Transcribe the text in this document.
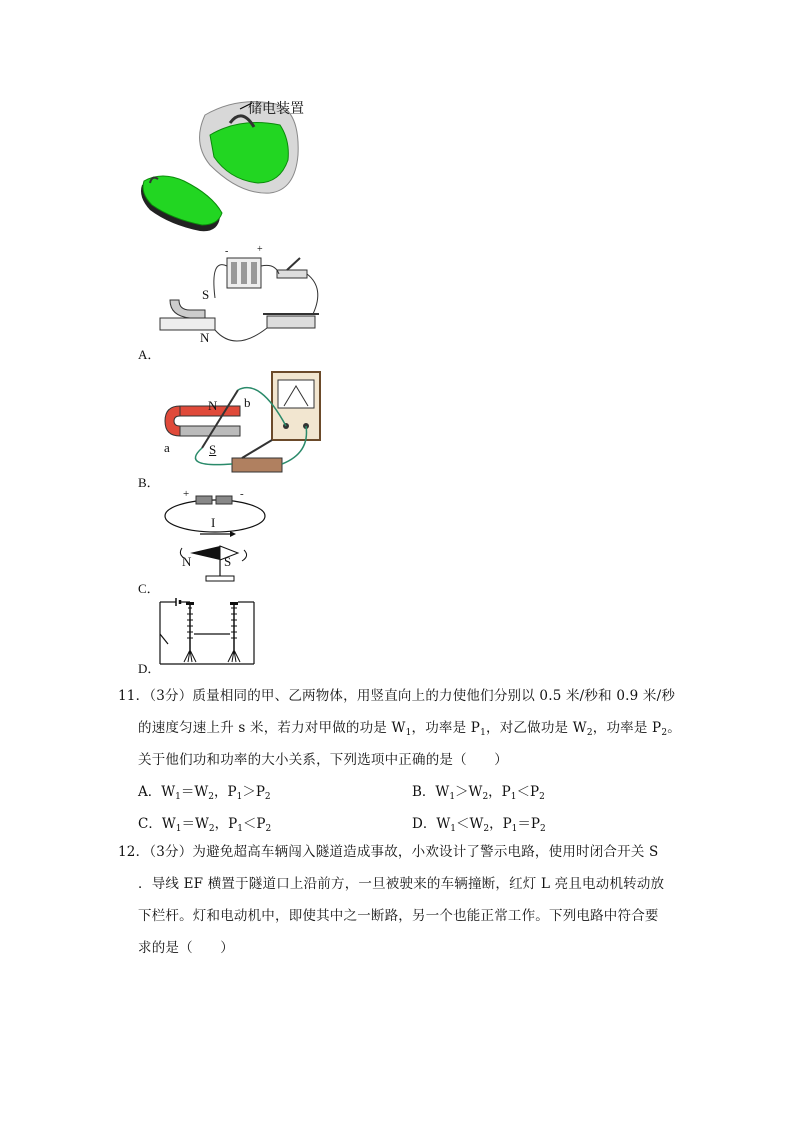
储电装置
-	+
S
N
A．
N
S
a
b
B．
+	-
I
N	S
C．
D．
11．（3分）质量相同的甲、乙两物体，用竖直向上的力使他们分别以 0.5 米/秒和 0.9 米/秒
的速度匀速上升 s 米，若力对甲做的功是 $W_1$，功率是 $P_1$，对乙做功是 $W_2$，功率是 $P_2$。
关于他们功和功率的大小关系，下列选项中正确的是（　　）
A．$W_1=W_2$，$P_1>P_2$	B．$W_1>W_2$，$P_1<P_2$
C．$W_1=W_2$，$P_1<P_2$	D．$W_1<W_2$，$P_1=P_2$
12．（3分）为避免超高车辆闯入隧道造成事故，小欢设计了警示电路，使用时闭合开关 S
．导线 EF 横置于隧道口上沿前方，一旦被驶来的车辆撞断，红灯 L 亮且电动机转动放
下栏杆。灯和电动机中，即使其中之一断路，另一个也能正常工作。下列电路中符合要
求的是（　　）
